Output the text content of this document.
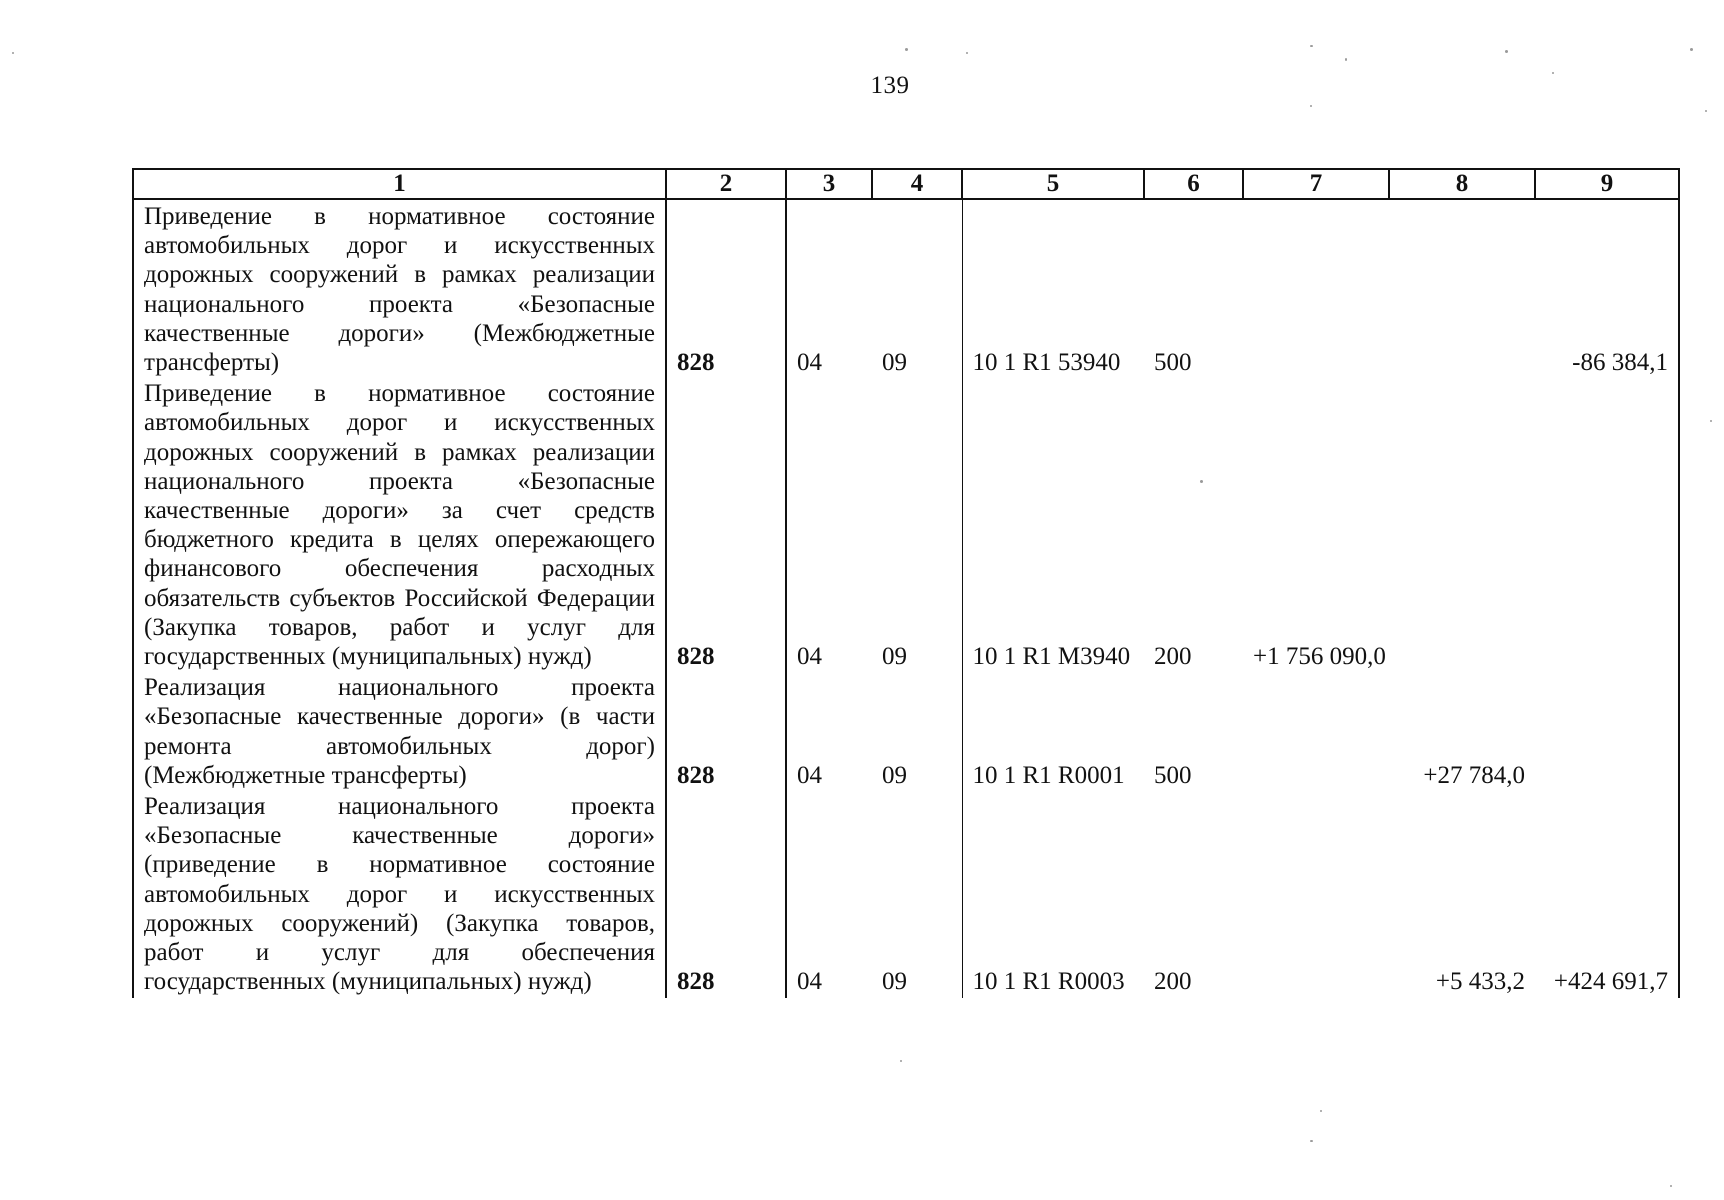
139
1	2	3	4	5	6	7	8	9
Приведение в нормативное состояние автомобильных дорог и искусственных дорожных сооружений в рамках реализации национального проекта «Безопасные качественные дороги» (Межбюджетные трансферты)	828	04	09	10 1 R1 53940	500			-86 384,1
Приведение в нормативное состояние автомобильных дорог и искусственных дорожных сооружений в рамках реализации национального проекта «Безопасные качественные дороги» за счет средств бюджетного кредита в целях опережающего финансового обеспечения расходных обязательств субъектов Российской Федерации (Закупка товаров, работ и услуг для государственных (муниципальных) нужд)	828	04	09	10 1 R1 M3940	200	+1 756 090,0		
Реализация национального проекта «Безопасные качественные дороги» (в части ремонта автомобильных дорог) (Межбюджетные трансферты)	828	04	09	10 1 R1 R0001	500		+27 784,0	
Реализация национального проекта «Безопасные качественные дороги» (приведение в нормативное состояние автомобильных дорог и искусственных дорожных сооружений) (Закупка товаров, работ и услуг для обеспечения государственных (муниципальных) нужд)	828	04	09	10 1 R1 R0003	200		+5 433,2	+424 691,7
